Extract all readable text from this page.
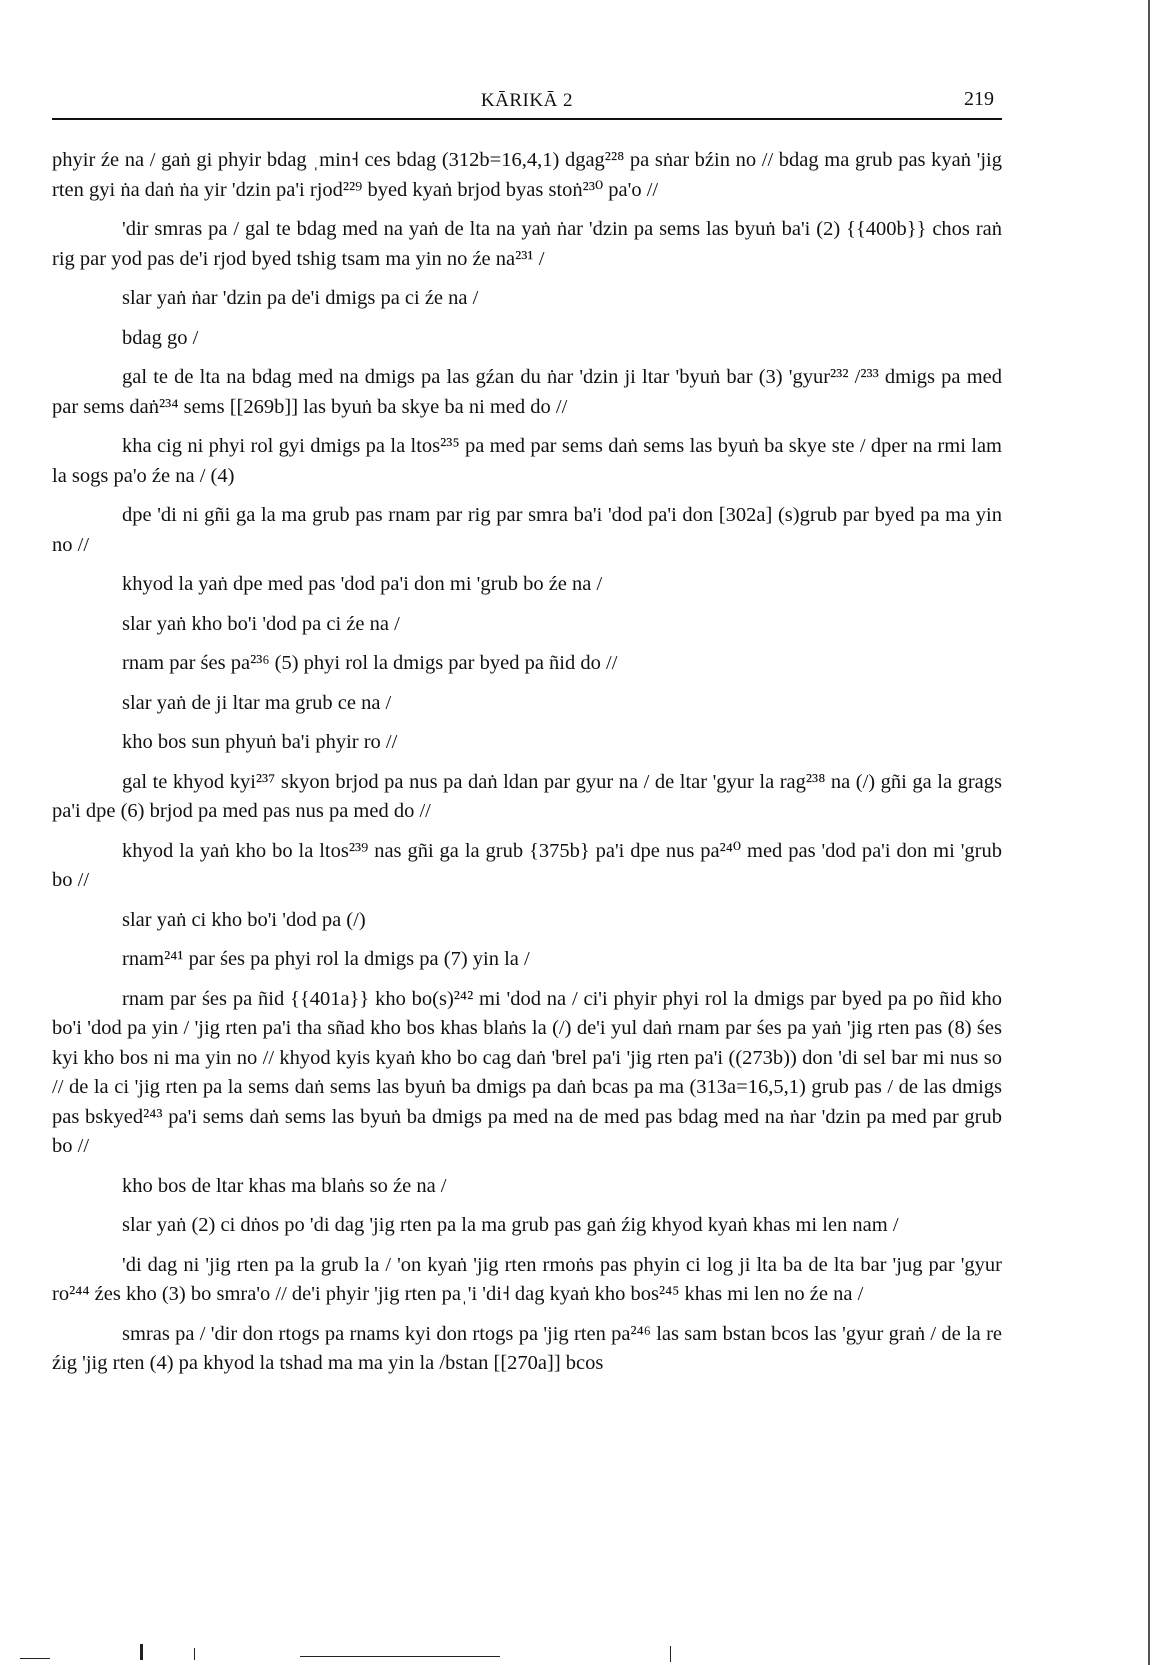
KĀRIKĀ 2	219

phyir źe na / gaṅ gi phyir bdag ˌmin˧ ces bdag (312b=16,4,1) dgag²²⁸ pa sṅar bźin no // bdag ma grub pas kyaṅ 'jig rten gyi ṅa daṅ ṅa yir 'dzin pa'i rjod²²⁹ byed kyaṅ brjod byas stoṅ²³⁰ pa'o //

'dir smras pa / gal te bdag med na yaṅ de lta na yaṅ ṅar 'dzin pa sems las byuṅ ba'i (2) {{400b}} chos raṅ rig par yod pas de'i rjod byed tshig tsam ma yin no źe na²³¹ /

slar yaṅ ṅar 'dzin pa de'i dmigs pa ci źe na /

bdag go /

gal te de lta na bdag med na dmigs pa las gźan du ṅar 'dzin ji ltar 'byuṅ bar (3) 'gyur²³² /²³³ dmigs pa med par sems daṅ²³⁴ sems [[269b]] las byuṅ ba skye ba ni med do //

kha cig ni phyi rol gyi dmigs pa la ltos²³⁵ pa med par sems daṅ sems las byuṅ ba skye ste / dper na rmi lam la sogs pa'o źe na / (4)

dpe 'di ni gñi ga la ma grub pas rnam par rig par smra ba'i 'dod pa'i don [302a] (s)grub par byed pa ma yin no //

khyod la yaṅ dpe med pas 'dod pa'i don mi 'grub bo źe na /

slar yaṅ kho bo'i 'dod pa ci źe na /

rnam par śes pa²³⁶ (5) phyi rol la dmigs par byed pa ñid do //

slar yaṅ de ji ltar ma grub ce na /

kho bos sun phyuṅ ba'i phyir ro //

gal te khyod kyi²³⁷ skyon brjod pa nus pa daṅ ldan par gyur na / de ltar 'gyur la rag²³⁸ na (/) gñi ga la grags pa'i dpe (6) brjod pa med pas nus pa med do //

khyod la yaṅ kho bo la ltos²³⁹ nas gñi ga la grub {375b} pa'i dpe nus pa²⁴⁰ med pas 'dod pa'i don mi 'grub bo //

slar yaṅ ci kho bo'i 'dod pa (/)

rnam²⁴¹ par śes pa phyi rol la dmigs pa (7) yin la /

rnam par śes pa ñid {{401a}} kho bo(s)²⁴² mi 'dod na / ci'i phyir phyi rol la dmigs par byed pa po ñid kho bo'i 'dod pa yin / 'jig rten pa'i tha sñad kho bos khas blaṅs la (/) de'i yul daṅ rnam par śes pa yaṅ 'jig rten pas (8) śes kyi kho bos ni ma yin no // khyod kyis kyaṅ kho bo cag daṅ 'brel pa'i 'jig rten pa'i ((273b)) don 'di sel bar mi nus so // de la ci 'jig rten pa la sems daṅ sems las byuṅ ba dmigs pa daṅ bcas pa ma (313a=16,5,1) grub pas / de las dmigs pas bskyed²⁴³ pa'i sems daṅ sems las byuṅ ba dmigs pa med na de med pas bdag med na ṅar 'dzin pa med par grub bo //

kho bos de ltar khas ma blaṅs so źe na /

slar yaṅ (2) ci dṅos po 'di dag 'jig rten pa la ma grub pas gaṅ źig khyod kyaṅ khas mi len nam /

'di dag ni 'jig rten pa la grub la / 'on kyaṅ 'jig rten rmoṅs pas phyin ci log ji lta ba de lta bar 'jug par 'gyur ro²⁴⁴ źes kho (3) bo smra'o // de'i phyir 'jig rten paˌ'i 'di˧ dag kyaṅ kho bos²⁴⁵ khas mi len no źe na /

smras pa / 'dir don rtogs pa rnams kyi don rtogs pa 'jig rten pa²⁴⁶ las sam bstan bcos las 'gyur graṅ / de la re źig 'jig rten (4) pa khyod la tshad ma ma yin la /bstan [[270a]] bcos
